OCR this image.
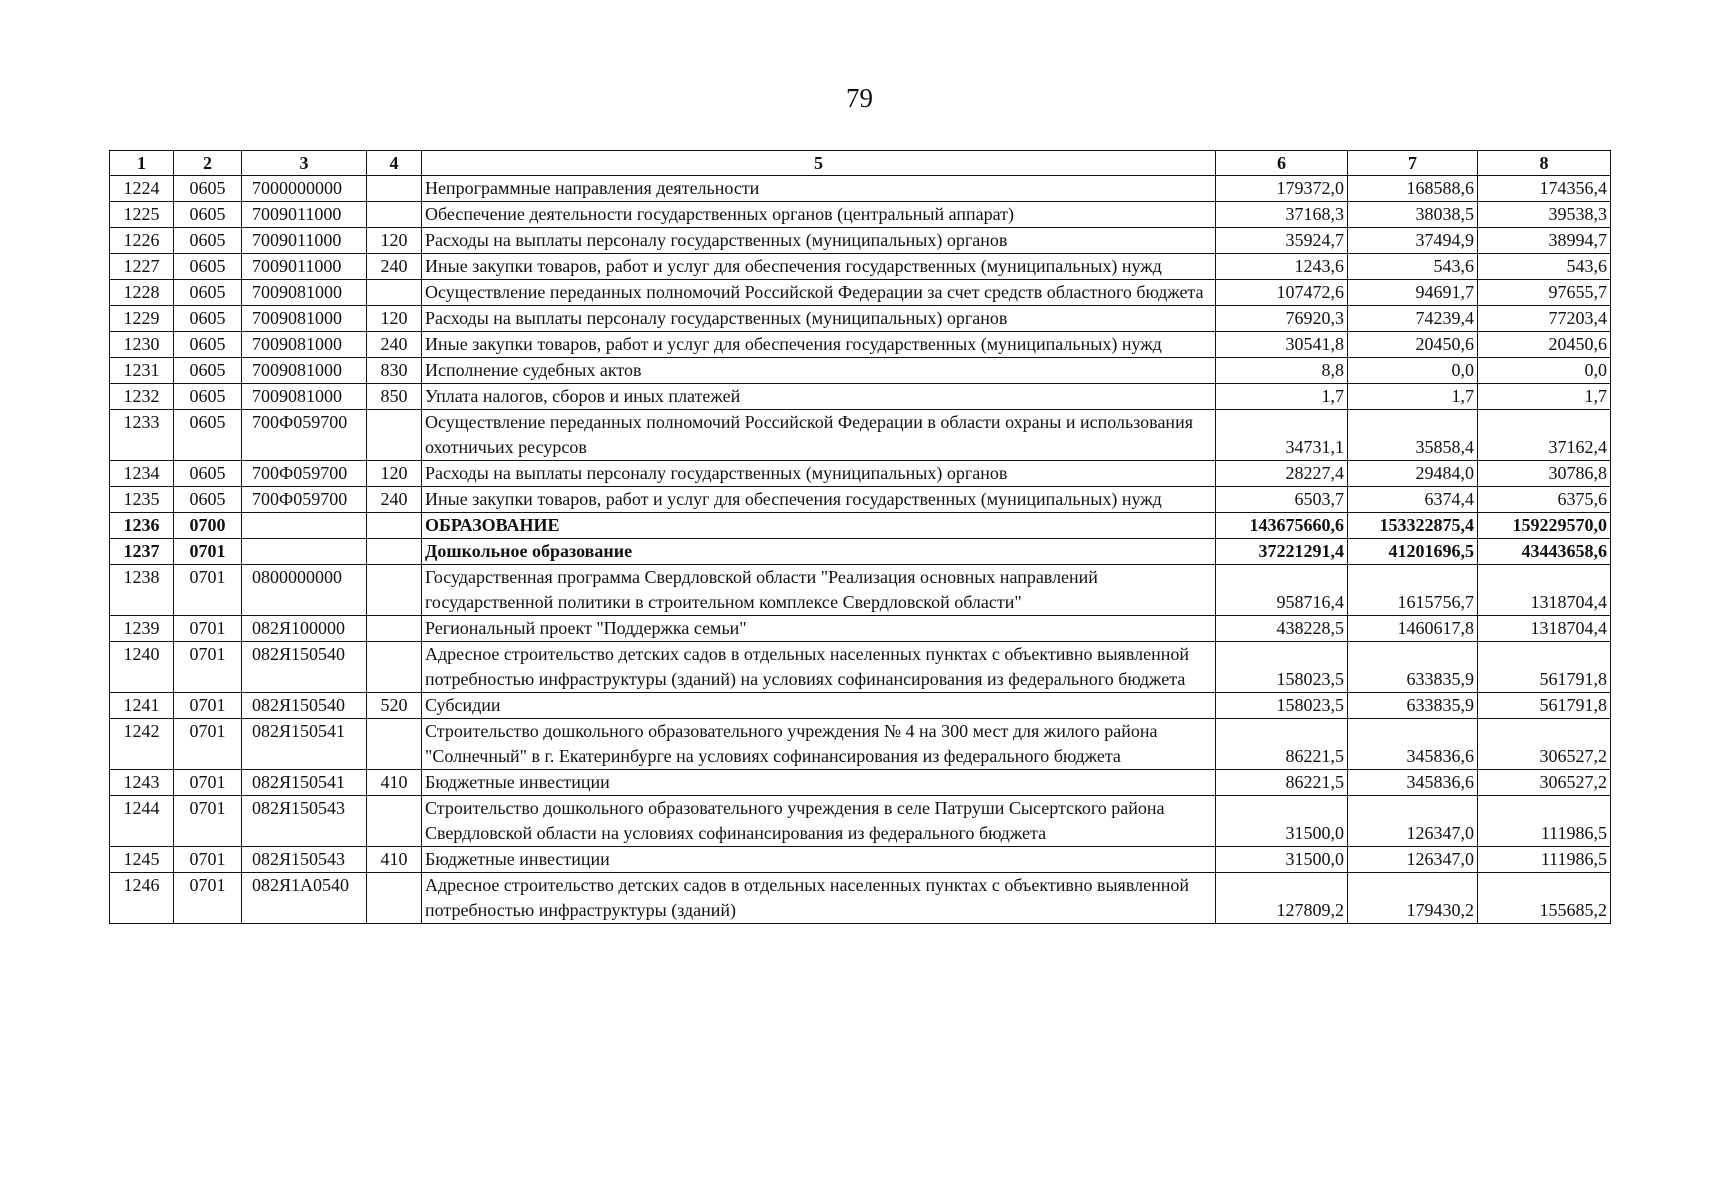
79
1	2	3	4	5	6	7	8
1224	0605	7000000000		Непрограммные направления деятельности	179372,0	168588,6	174356,4
1225	0605	7009011000		Обеспечение деятельности государственных органов (центральный аппарат)	37168,3	38038,5	39538,3
1226	0605	7009011000	120	Расходы на выплаты персоналу государственных (муниципальных) органов	35924,7	37494,9	38994,7
1227	0605	7009011000	240	Иные закупки товаров, работ и услуг для обеспечения государственных (муниципальных) нужд	1243,6	543,6	543,6
1228	0605	7009081000		Осуществление переданных полномочий Российской Федерации за счет средств областного бюджета	107472,6	94691,7	97655,7
1229	0605	7009081000	120	Расходы на выплаты персоналу государственных (муниципальных) органов	76920,3	74239,4	77203,4
1230	0605	7009081000	240	Иные закупки товаров, работ и услуг для обеспечения государственных (муниципальных) нужд	30541,8	20450,6	20450,6
1231	0605	7009081000	830	Исполнение судебных актов	8,8	0,0	0,0
1232	0605	7009081000	850	Уплата налогов, сборов и иных платежей	1,7	1,7	1,7
1233	0605	700Ф059700		Осуществление переданных полномочий Российской Федерации в области охраны и использования охотничьих ресурсов	34731,1	35858,4	37162,4
1234	0605	700Ф059700	120	Расходы на выплаты персоналу государственных (муниципальных) органов	28227,4	29484,0	30786,8
1235	0605	700Ф059700	240	Иные закупки товаров, работ и услуг для обеспечения государственных (муниципальных) нужд	6503,7	6374,4	6375,6
1236	0700			ОБРАЗОВАНИЕ	143675660,6	153322875,4	159229570,0
1237	0701			Дошкольное образование	37221291,4	41201696,5	43443658,6
1238	0701	0800000000		Государственная программа Свердловской области "Реализация основных направлений государственной политики в строительном комплексе Свердловской области"	958716,4	1615756,7	1318704,4
1239	0701	082Я100000		Региональный проект "Поддержка семьи"	438228,5	1460617,8	1318704,4
1240	0701	082Я150540		Адресное строительство детских садов в отдельных населенных пунктах с объективно выявленной потребностью инфраструктуры (зданий) на условиях софинансирования из федерального бюджета	158023,5	633835,9	561791,8
1241	0701	082Я150540	520	Субсидии	158023,5	633835,9	561791,8
1242	0701	082Я150541		Строительство дошкольного образовательного учреждения № 4 на 300 мест для жилого района "Солнечный" в г. Екатеринбурге на условиях софинансирования из федерального бюджета	86221,5	345836,6	306527,2
1243	0701	082Я150541	410	Бюджетные инвестиции	86221,5	345836,6	306527,2
1244	0701	082Я150543		Строительство дошкольного образовательного учреждения в селе Патруши Сысертского района Свердловской области на условиях софинансирования из федерального бюджета	31500,0	126347,0	111986,5
1245	0701	082Я150543	410	Бюджетные инвестиции	31500,0	126347,0	111986,5
1246	0701	082Я1А0540		Адресное строительство детских садов в отдельных населенных пунктах с объективно выявленной потребностью инфраструктуры (зданий)	127809,2	179430,2	155685,2
